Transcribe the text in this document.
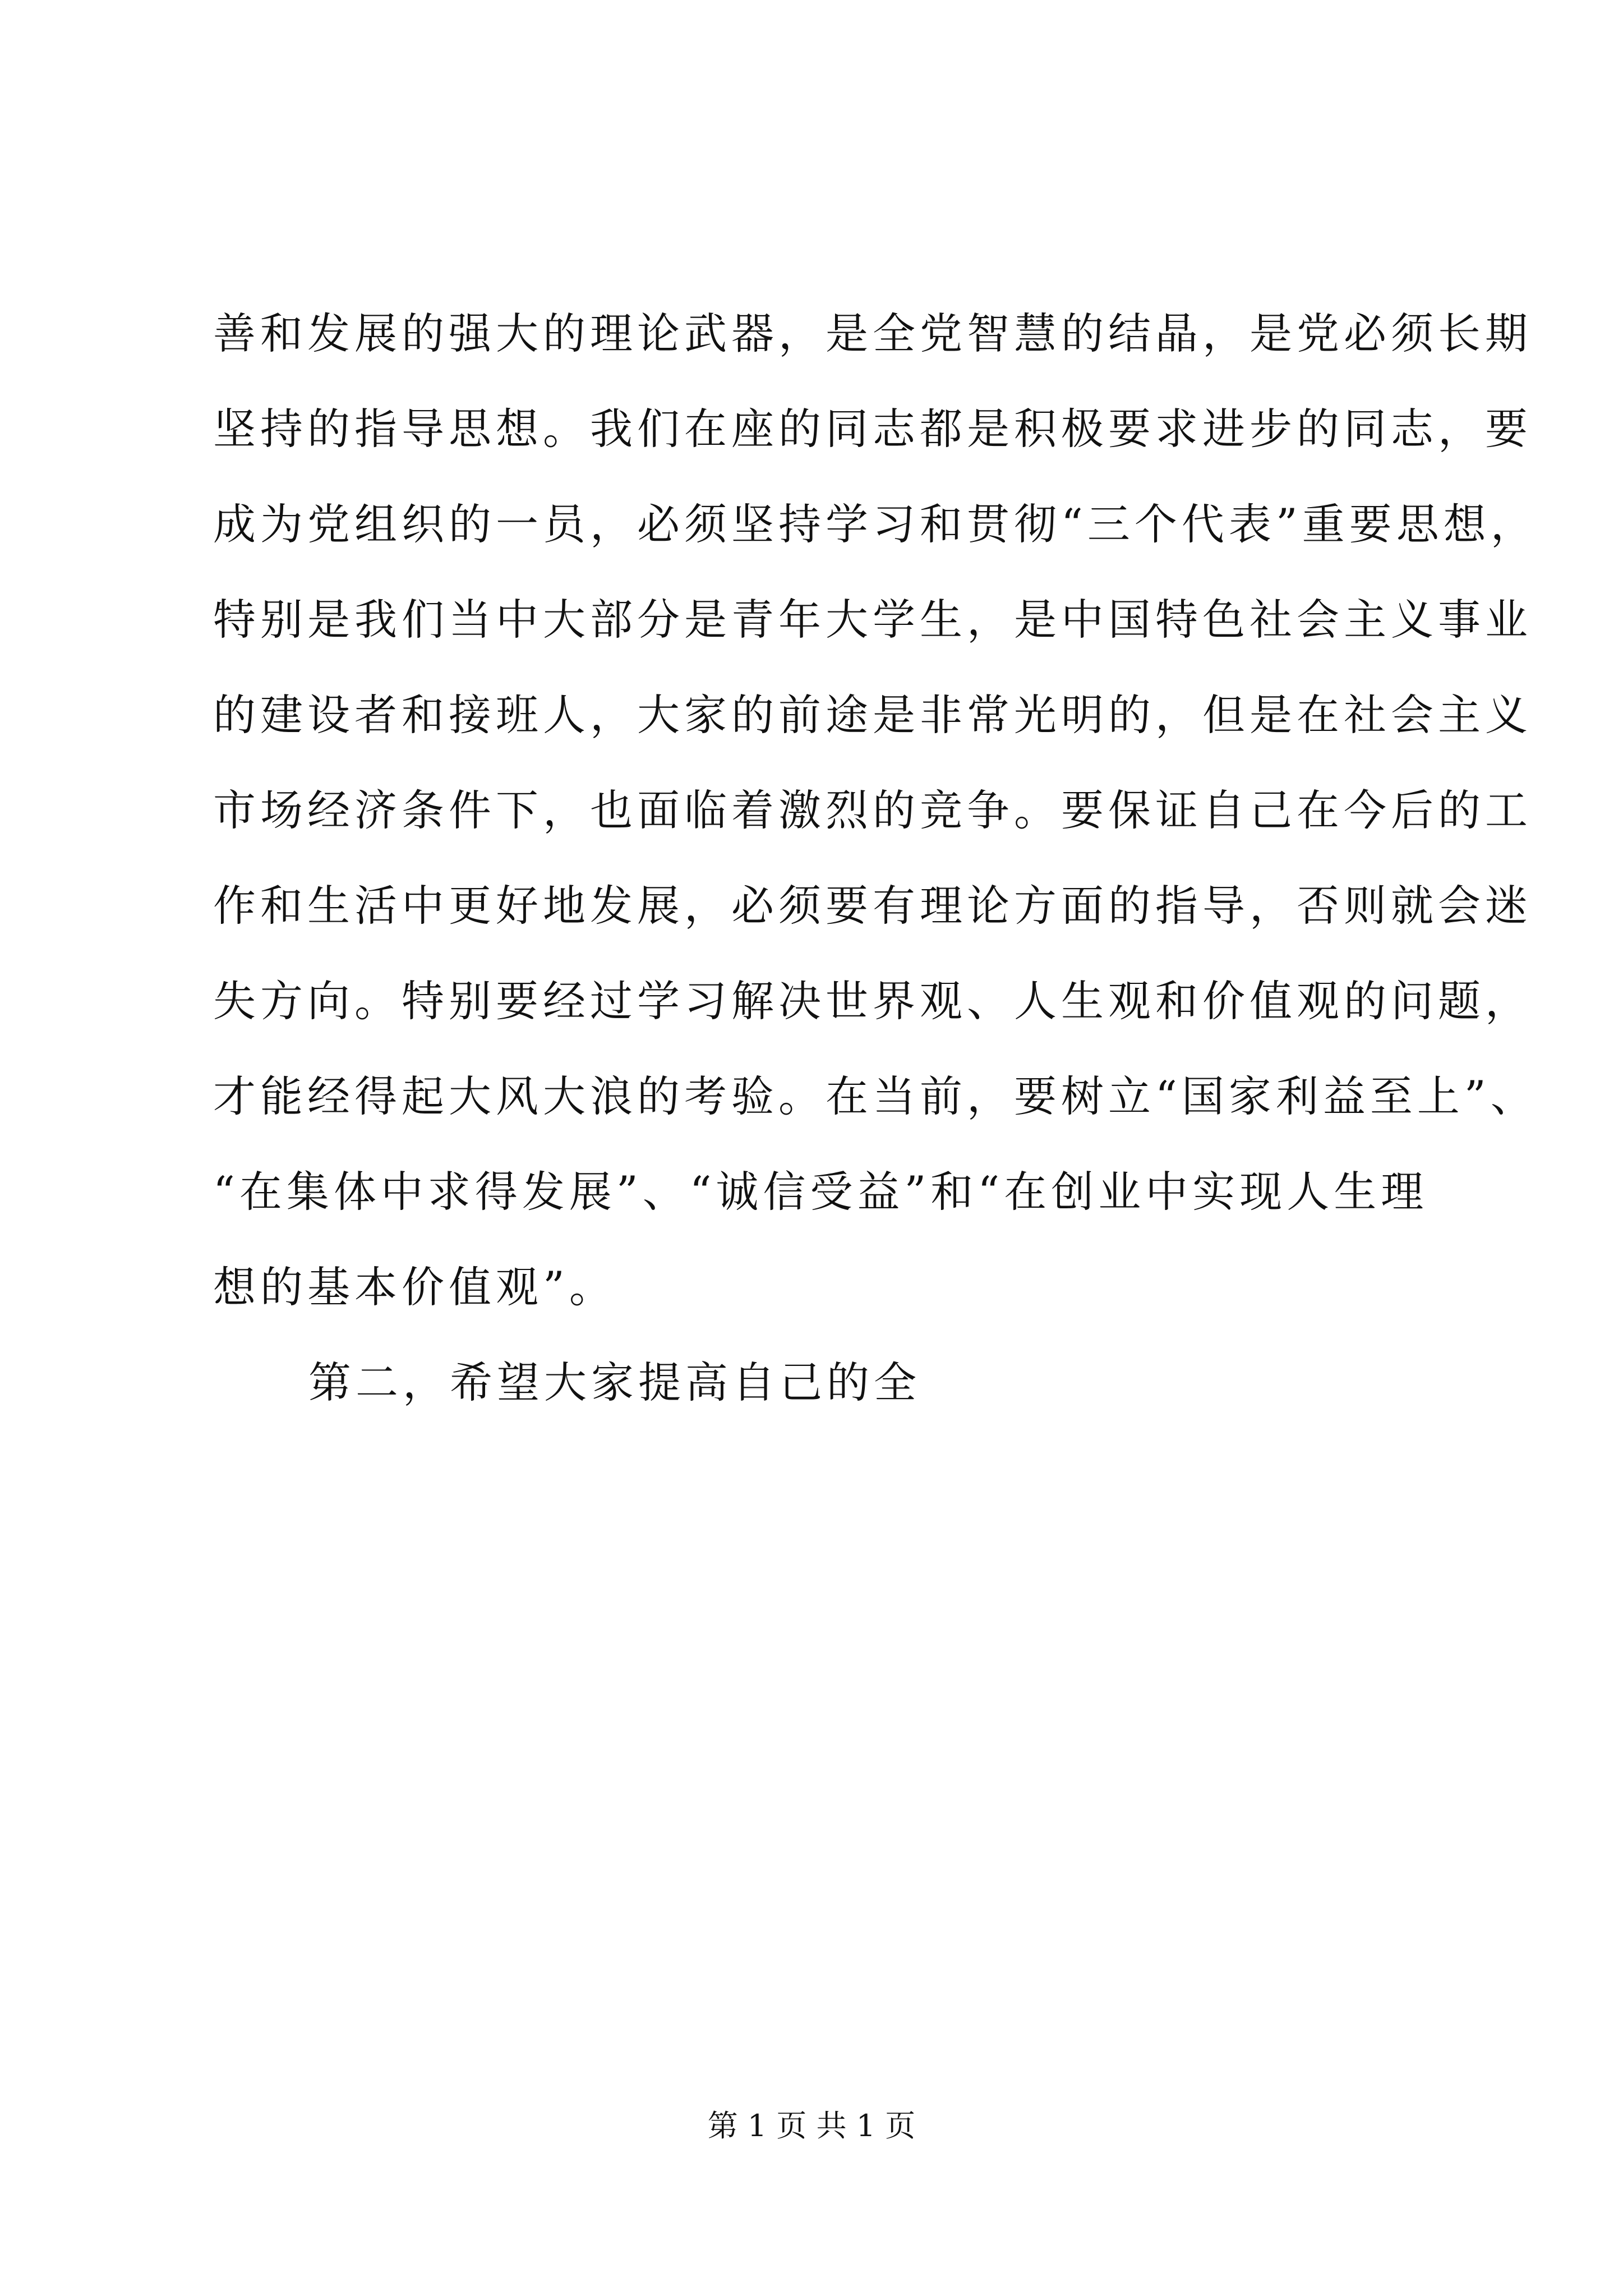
善和发展的强大的理论武器，是全党智慧的结晶，是党必须长期
坚持的指导思想。我们在座的同志都是积极要求进步的同志，要
成为党组织的一员，必须坚持学习和贯彻“三个代表”重要思想，
特别是我们当中大部分是青年大学生，是中国特色社会主义事业
的建设者和接班人，大家的前途是非常光明的，但是在社会主义
市场经济条件下，也面临着激烈的竞争。要保证自己在今后的工
作和生活中更好地发展，必须要有理论方面的指导，否则就会迷
失方向。特别要经过学习解决世界观、人生观和价值观的问题，
才能经得起大风大浪的考验。在当前，要树立“国家利益至上”、
“在集体中求得发展”、“诚信受益”和“在创业中实现人生理
想的基本价值观”。
第二，希望大家提高自己的全
第 1 页 共 1 页
